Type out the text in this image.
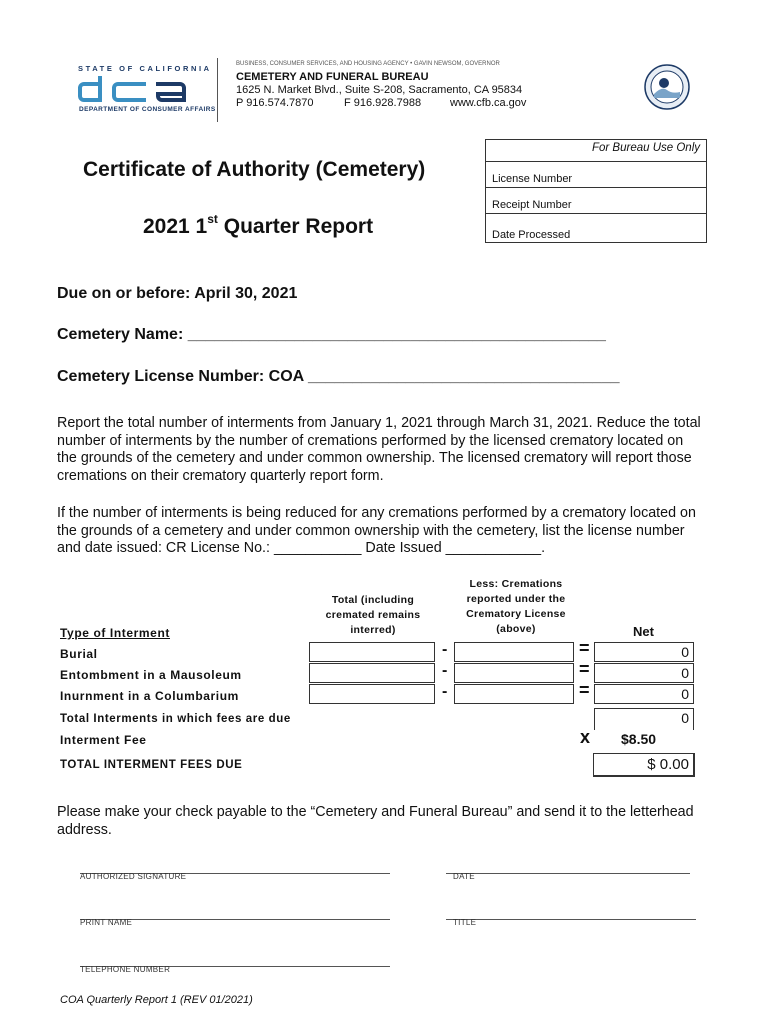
STATE OF CALIFORNIA
DEPARTMENT OF CONSUMER AFFAIRS
BUSINESS, CONSUMER SERVICES, AND HOUSING AGENCY • GAVIN NEWSOM, GOVERNOR
CEMETERY AND FUNERAL BUREAU
1625 N. Market Blvd., Suite S-208, Sacramento, CA 95834
P 916.574.7870	F 916.928.7988	www.cfb.ca.gov
For Bureau Use Only
License Number
Receipt Number
Date Processed
Certificate of Authority (Cemetery)
2021 1st Quarter Report
Due on or before: April 30, 2021
Cemetery Name: _______________________________________________
Cemetery License Number: COA ___________________________________
Report the total number of interments from January 1, 2021 through March 31, 2021. Reduce the total number of interments by the number of cremations performed by the licensed crematory located on the grounds of the cemetery and under common ownership. The licensed crematory will report those cremations on their crematory quarterly report form.
If the number of interments is being reduced for any cremations performed by a crematory located on the grounds of a cemetery and under common ownership with the cemetery, list the license number and date issued: CR License No.: ___________ Date Issued ____________.
Total (including cremated remains interred)
Less: Cremations reported under the Crematory License (above)	Net
Type of Interment
Burial	-	=	0
Entombment in a Mausoleum	-	=	0
Inurnment in a Columbarium	-	=	0
Total Interments in which fees are due	0
Interment Fee	x $8.50
TOTAL INTERMENT FEES DUE	$ 0.00
Please make your check payable to the “Cemetery and Funeral Bureau” and send it to the letterhead address.
AUTHORIZED SIGNATURE	DATE
PRINT NAME	TITLE
TELEPHONE NUMBER
COA Quarterly Report 1 (REV 01/2021)
